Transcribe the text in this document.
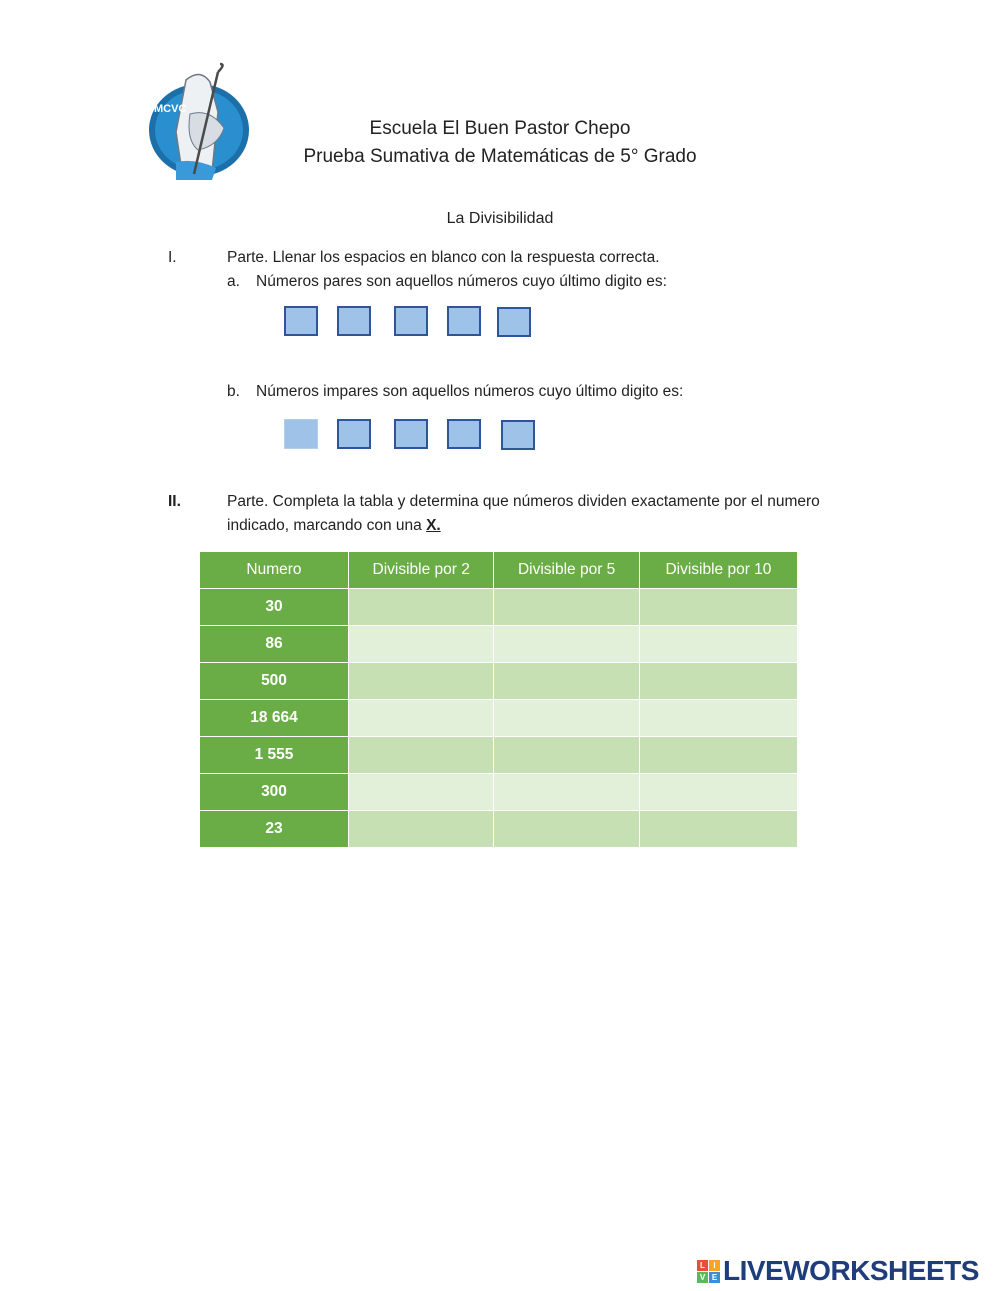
MCVC
Escuela El Buen Pastor Chepo
Prueba Sumativa de Matemáticas de 5° Grado
La Divisibilidad
I.	Parte. Llenar los espacios en blanco con la respuesta correcta.
a. Números pares son aquellos números cuyo último digito es:
b. Números impares son aquellos números cuyo último digito es:
II.	Parte. Completa la tabla y determina que números dividen exactamente por el numero
indicado, marcando con una X.
Numero	Divisible por 2	Divisible por 5	Divisible por 10
30			
86			
500			
18 664			
1 555			
300			
23			
L	I
V E LIVEWORKSHEETS
